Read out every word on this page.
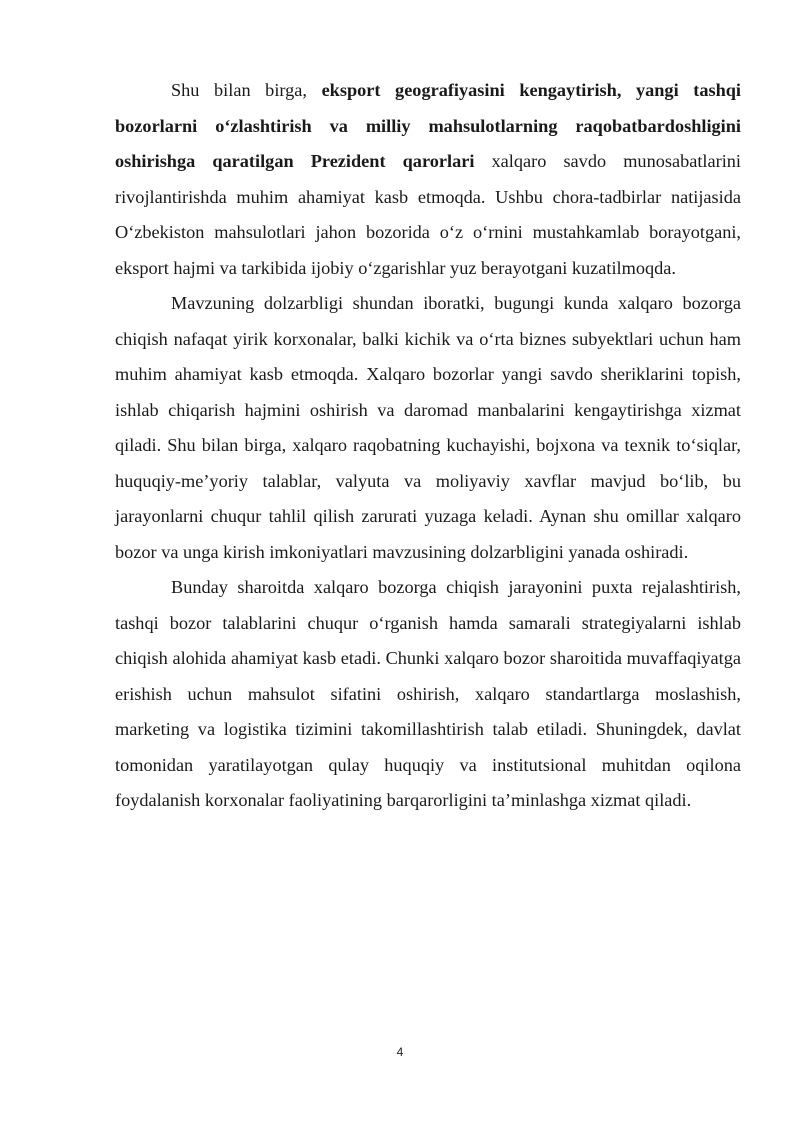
Shu bilan birga, eksport geografiyasini kengaytirish, yangi tashqi bozorlarni o‘zlashtirish va milliy mahsulotlarning raqobatbardoshligini oshirishga qaratilgan Prezident qarorlari xalqaro savdo munosabatlarini rivojlantirishda muhim ahamiyat kasb etmoqda. Ushbu chora-tadbirlar natijasida O‘zbekiston mahsulotlari jahon bozorida o‘z o‘rnini mustahkamlab borayotgani, eksport hajmi va tarkibida ijobiy o‘zgarishlar yuz berayotgani kuzatilmoqda.

Mavzuning dolzarbligi shundan iboratki, bugungi kunda xalqaro bozorga chiqish nafaqat yirik korxonalar, balki kichik va o‘rta biznes subyektlari uchun ham muhim ahamiyat kasb etmoqda. Xalqaro bozorlar yangi savdo sheriklarini topish, ishlab chiqarish hajmini oshirish va daromad manbalarini kengaytirishga xizmat qiladi. Shu bilan birga, xalqaro raqobatning kuchayishi, bojxona va texnik to‘siqlar, huquqiy-me’yoriy talablar, valyuta va moliyaviy xavflar mavjud bo‘lib, bu jarayonlarni chuqur tahlil qilish zarurati yuzaga keladi. Aynan shu omillar xalqaro bozor va unga kirish imkoniyatlari mavzusining dolzarbligini yanada oshiradi.

Bunday sharoitda xalqaro bozorga chiqish jarayonini puxta rejalashtirish, tashqi bozor talablarini chuqur o‘rganish hamda samarali strategiyalarni ishlab chiqish alohida ahamiyat kasb etadi. Chunki xalqaro bozor sharoitida muvaffaqiyatga erishish uchun mahsulot sifatini oshirish, xalqaro standartlarga moslashish, marketing va logistika tizimini takomillashtirish talab etiladi. Shuningdek, davlat tomonidan yaratilayotgan qulay huquqiy va institutsional muhitdan oqilona foydalanish korxonalar faoliyatining barqarorligini ta’minlashga xizmat qiladi.

4
